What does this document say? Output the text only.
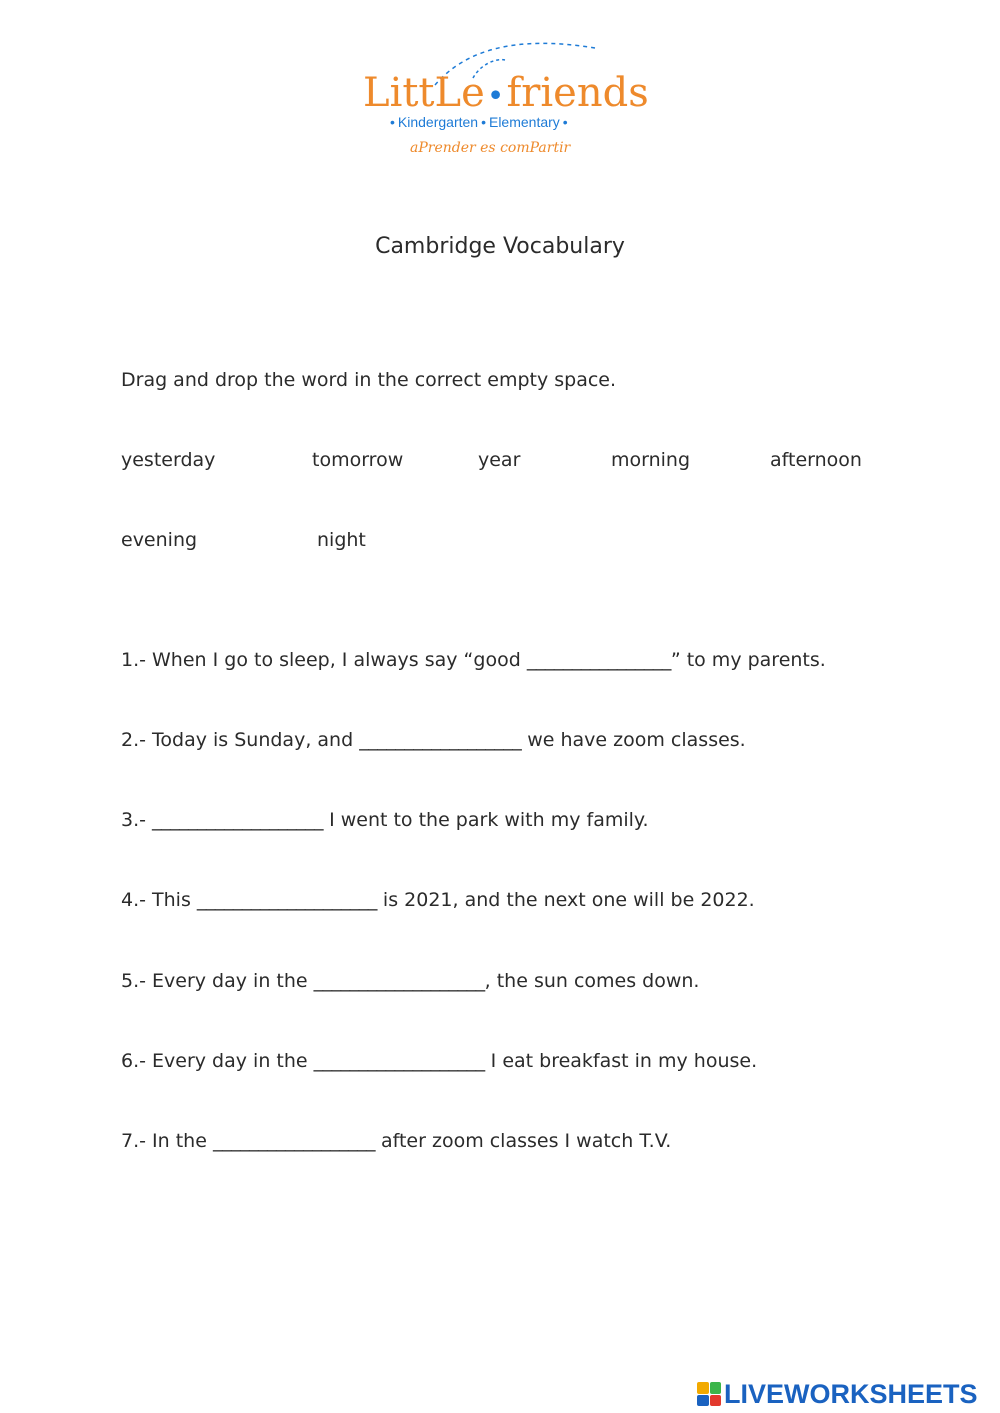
LittLe•friends
• Kindergarten • Elementary •
aPrender es comPartir
Cambridge Vocabulary
Drag and drop the word in the correct empty space.
yesterday	tomorrow	year	morning	afternoon
evening	night
1.- When I go to sleep, I always say “good ________________” to my parents.
2.- Today is Sunday, and __________________ we have zoom classes.
3.- ___________________ I went to the park with my family.
4.- This ____________________ is 2021, and the next one will be 2022.
5.- Every day in the ___________________, the sun comes down.
6.- Every day in the ___________________ I eat breakfast in my house.
7.- In the __________________ after zoom classes I watch T.V.
LIVEWORKSHEETS
